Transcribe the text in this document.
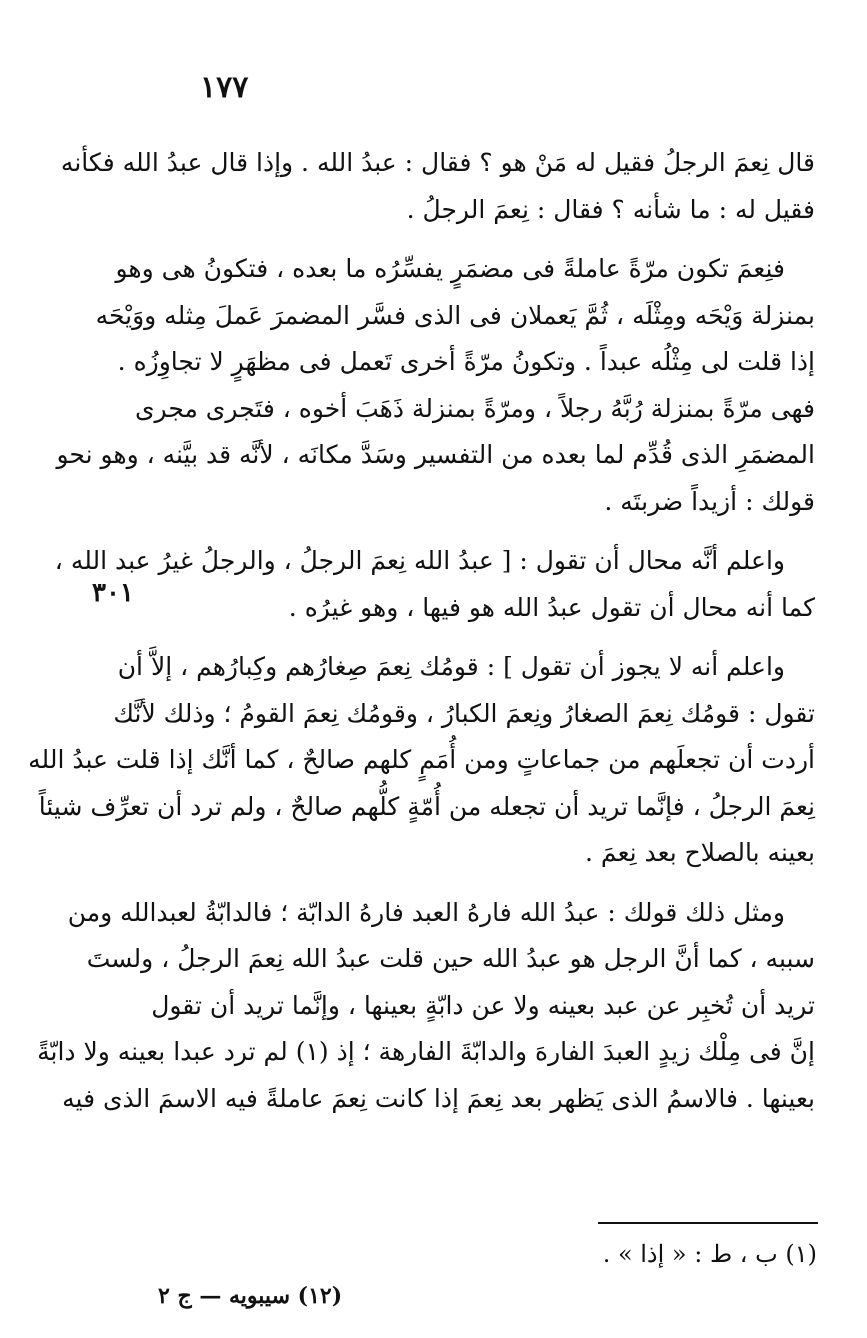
١٧٧
٣٠١
قال نِعمَ الرجلُ فقيل له مَنْ هو ؟ فقال : عبدُ الله . وإذا قال عبدُ الله فكأنه
فقيل له : ما شأنه ؟ فقال : نِعمَ الرجلُ .
فنِعمَ تكون مرّةً عاملةً فى مضمَرٍ يفسِّرُه ما بعده ، فتكونُ هى وهو
بمنزلة وَيْحَه ومِثْلَه ، ثُمَّ يَعملان فى الذى فسَّر المضمرَ عَملَ مِثله ووَيْحَه
إذا قلت لى مِثْلُه عبداً . وتكونُ مرّةً أخرى تَعمل فى مظهَرٍ لا تجاوِزُه .
فهى مرّةً بمنزلة رُبَّهُ رجلاً ، ومرّةً بمنزلة ذَهَبَ أخوه ، فتَجرى مجرى
المضمَرِ الذى قُدِّم لما بعده من التفسير وسَدَّ مكانَه ، لأنَّه قد بيَّنه ، وهو نحو
قولك : أزيداً ضربتَه .
واعلم أنَّه محال أن تقول : [ عبدُ الله نِعمَ الرجلُ ، والرجلُ غيرُ عبد الله ،
كما أنه محال أن تقول عبدُ الله هو فيها ، وهو غيرُه .
واعلم أنه لا يجوز أن تقول ] : قومُك نِعمَ صِغارُهم وكِبارُهم ، إلاَّ أن
تقول : قومُك نِعمَ الصغارُ ونِعمَ الكبارُ ، وقومُك نِعمَ القومُ ؛ وذلك لأنَّك
أردت أن تجعلَهم من جماعاتٍ ومن أُمَمٍ كلهم صالحٌ ، كما أنَّك إذا قلت عبدُ الله
نِعمَ الرجلُ ، فإنَّما تريد أن تجعله من أُمّةٍ كلُّهم صالحٌ ، ولم ترد أن تعرِّف شيئاً
بعينه بالصلاح بعد نِعمَ .
ومثل ذلك قولك : عبدُ الله فارهُ العبد فارهُ الدابّة ؛ فالدابّةُ لعبدالله ومن
سببه ، كما أنَّ الرجل هو عبدُ الله حين قلت عبدُ الله نِعمَ الرجلُ ، ولستَ
تريد أن تُخبِر عن عبد بعينه ولا عن دابّةٍ بعينها ، وإنَّما تريد أن تقول
إنَّ فى مِلْك زيدٍ العبدَ الفارهَ والدابّةَ الفارهة ؛ إذ (١) لم ترد عبدا بعينه ولا دابّةً
بعينها . فالاسمُ الذى يَظهر بعد نِعمَ إذا كانت نِعمَ عاملةً فيه الاسمَ الذى فيه
(١) ب ، ط : « إذا » .
(١٢) سيبويه — ج ٢
